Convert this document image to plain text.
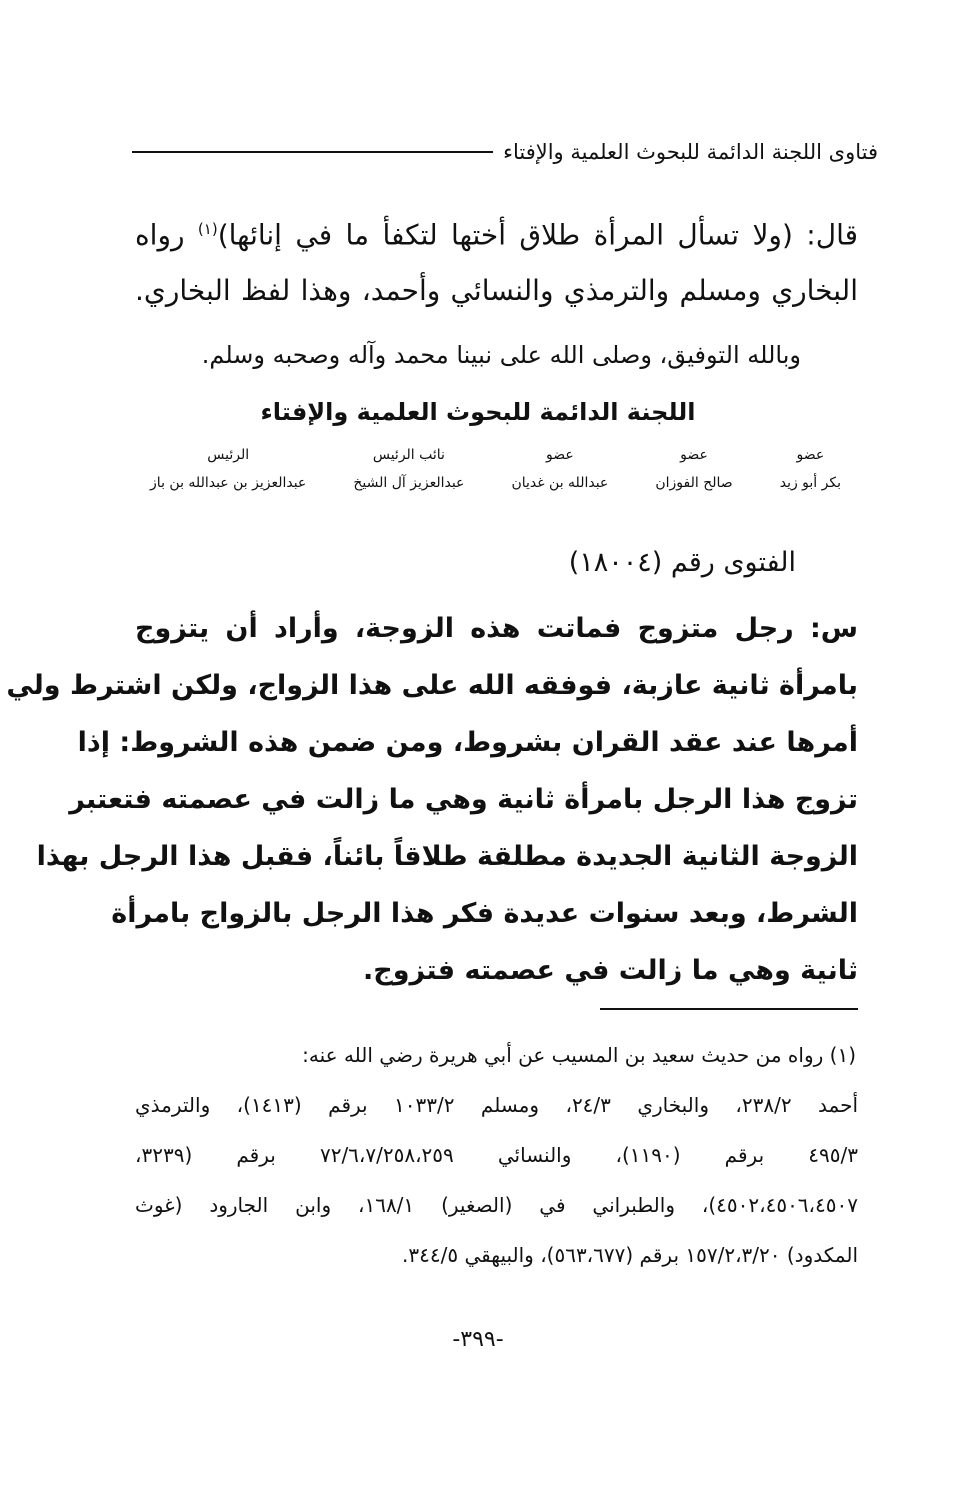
فتاوى اللجنة الدائمة للبحوث العلمية والإفتاء
قال: (ولا تسأل المرأة طلاق أختها لتكفأ ما في إنائها)$^{(١)}$ رواه
البخاري ومسلم والترمذي والنسائي وأحمد، وهذا لفظ البخاري.
وبالله التوفيق، وصلى الله على نبينا محمد وآله وصحبه وسلم.
اللجنة الدائمة للبحوث العلمية والإفتاء
عضو
بكر أبو زيد
عضو
صالح الفوزان
عضو
عبدالله بن غديان
نائب الرئيس
عبدالعزيز آل الشيخ
الرئيس
عبدالعزيز بن عبدالله بن باز
الفتوى رقم (١٨٠٠٤)
س: رجل متزوج فماتت هذه الزوجة، وأراد أن يتزوج
بامرأة ثانية عازبة، فوفقه الله على هذا الزواج، ولكن اشترط ولي
أمرها عند عقد القران بشروط، ومن ضمن هذه الشروط: إذا
تزوج هذا الرجل بامرأة ثانية وهي ما زالت في عصمته فتعتبر
الزوجة الثانية الجديدة مطلقة طلاقاً بائناً، فقبل هذا الرجل بهذا
الشرط، وبعد سنوات عديدة فكر هذا الرجل بالزواج بامرأة
ثانية وهي ما زالت في عصمته فتزوج.
(١) رواه من حديث سعيد بن المسيب عن أبي هريرة رضي الله عنه:
أحمد ٢٣٨/٢، والبخاري ٢٤/٣، ومسلم ١٠٣٣/٢ برقم (١٤١٣)، والترمذي
٤٩٥/٣ برقم (١١٩٠)، والنسائي ٧٢/٦،٧/٢٥٨،٢٥٩ برقم (٣٢٣٩،
٤٥٠٢،٤٥٠٦،٤٥٠٧)، والطبراني في (الصغير) ١٦٨/١، وابن الجارود (غوث
المكدود) ١٥٧/٢،٣/٢٠ برقم (٥٦٣،٦٧٧)، والبيهقي ٣٤٤/٥.
-٣٩٩-
